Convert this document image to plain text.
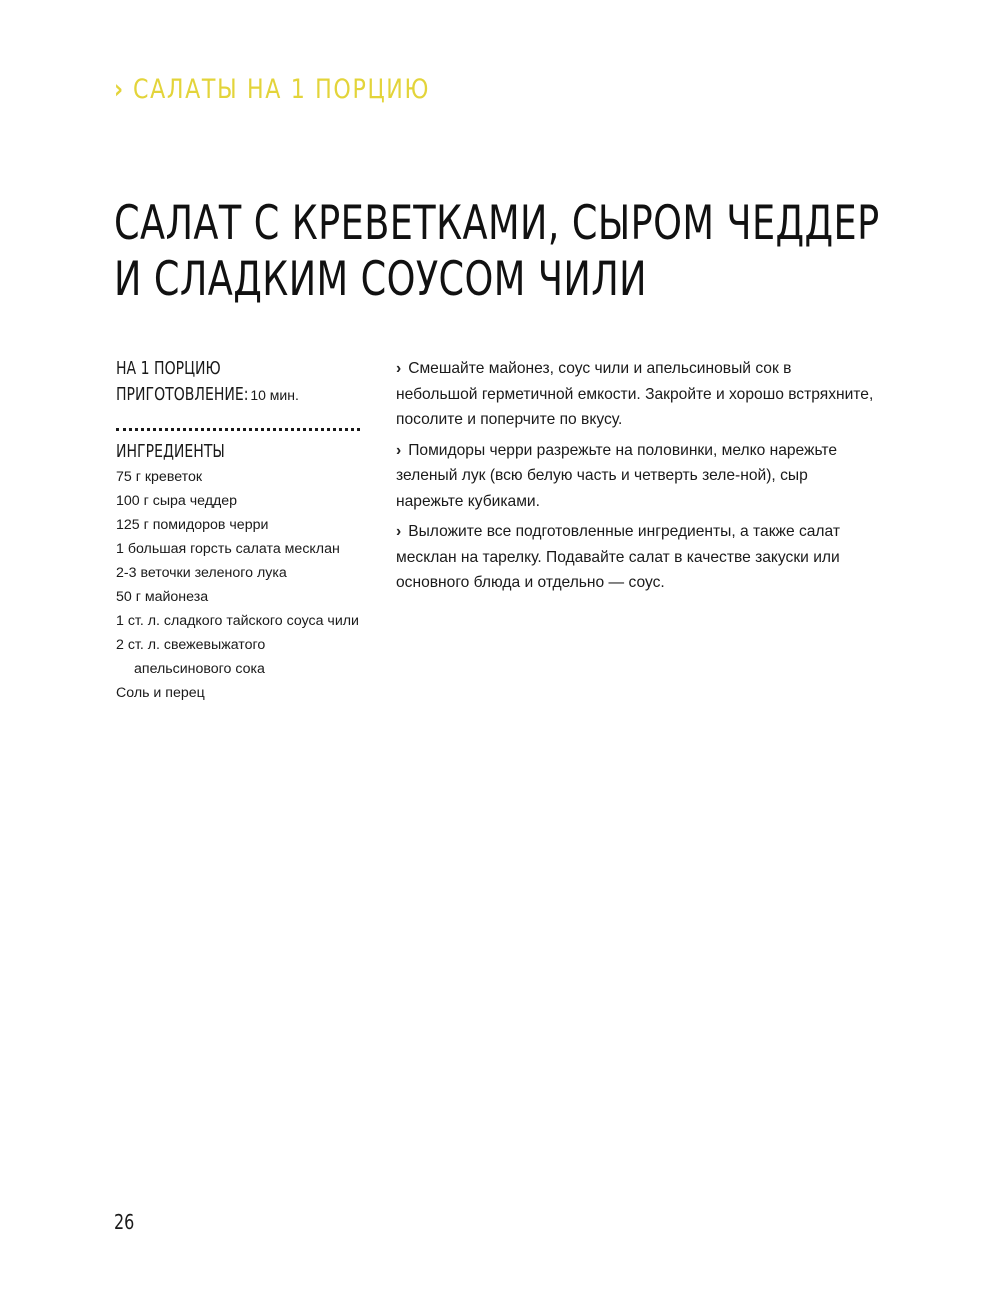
› САЛАТЫ НА 1 ПОРЦИЮ
САЛАТ С КРЕВЕТКАМИ, СЫРОМ ЧЕДДЕР
И СЛАДКИМ СОУСОМ ЧИЛИ
НА 1 ПОРЦИЮ
ПРИГОТОВЛЕНИЕ: 10 мин.
ИНГРЕДИЕНТЫ
75 г креветок
100 г сыра чеддер
125 г помидоров черри
1 большая горсть салата месклан
2-3 веточки зеленого лука
50 г майонеза
1 ст. л. сладкого тайского соуса чили
2 ст. л. свежевыжатого апельсинового сока
Соль и перец

› Смешайте майонез, соус чили и апельсиновый сок в небольшой герметичной емкости. Закройте и хорошо встряхните, посолите и поперчите по вкусу.

› Помидоры черри разрежьте на половинки, мелко нарежьте зеленый лук (всю белую часть и четверть зеле-ной), сыр нарежьте кубиками.

› Выложите все подготовленные ингредиенты, а также салат месклан на тарелку. Подавайте салат в качестве закуски или основного блюда и отдельно — соус.

26
